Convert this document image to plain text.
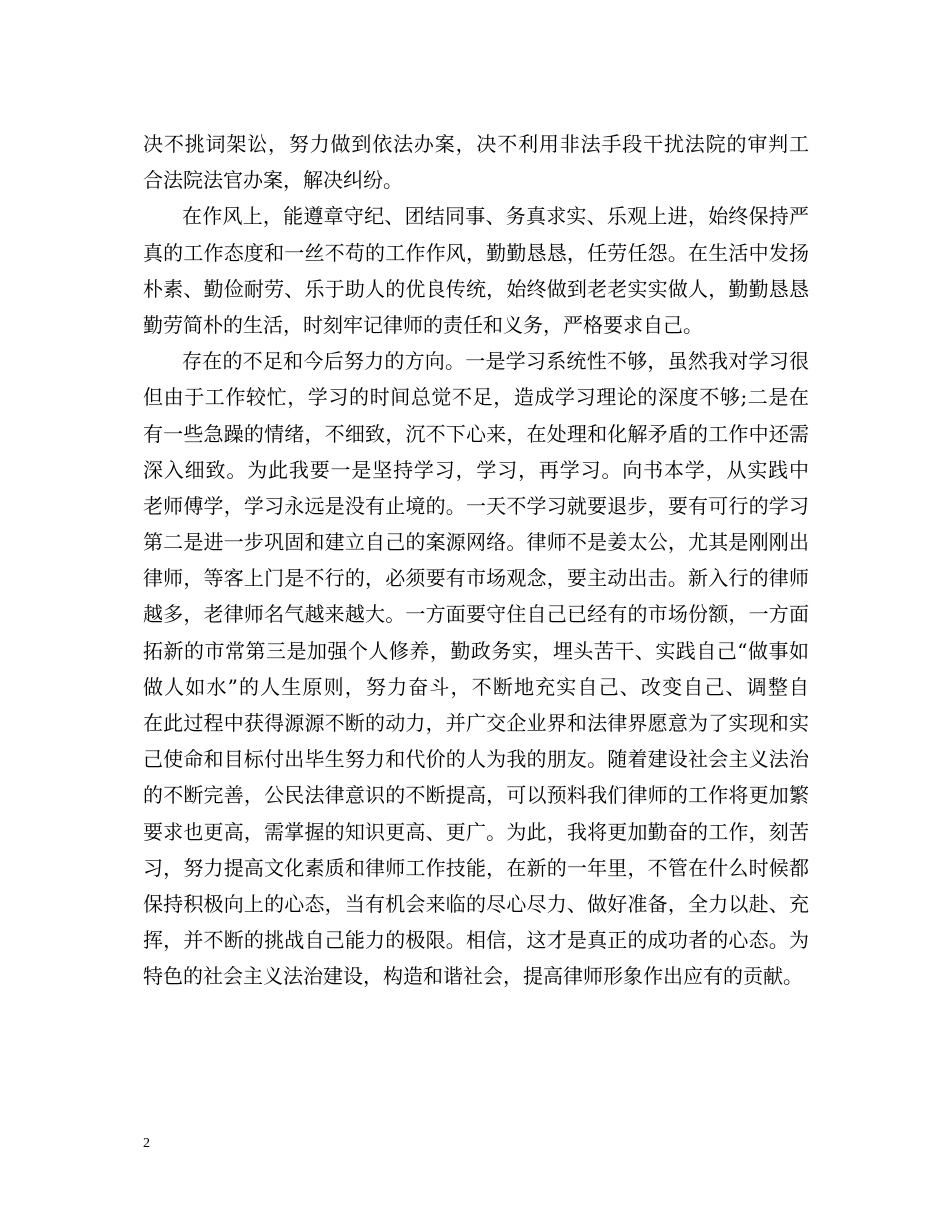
决不挑词架讼，努力做到依法办案，决不利用非法手段干扰法院的审判工
合法院法官办案，解决纠纷。
在作风上，能遵章守纪、团结同事、务真求实、乐观上进，始终保持严
真的工作态度和一丝不苟的工作作风，勤勤恳恳，任劳任怨。在生活中发扬
朴素、勤俭耐劳、乐于助人的优良传统，始终做到老老实实做人，勤勤恳恳
勤劳简朴的生活，时刻牢记律师的责任和义务，严格要求自己。
存在的不足和今后努力的方向。一是学习系统性不够，虽然我对学习很
但由于工作较忙，学习的时间总觉不足，造成学习理论的深度不够;二是在
有一些急躁的情绪，不细致，沉不下心来，在处理和化解矛盾的工作中还需
深入细致。为此我要一是坚持学习，学习，再学习。向书本学，从实践中
老师傅学，学习永远是没有止境的。一天不学习就要退步，要有可行的学习
第二是进一步巩固和建立自己的案源网络。律师不是姜太公，尤其是刚刚出
律师，等客上门是不行的，必须要有市场观念，要主动出击。新入行的律师
越多，老律师名气越来越大。一方面要守住自己已经有的市场份额，一方面
拓新的市常第三是加强个人修养，勤政务实，埋头苦干、实践自己“做事如
做人如水”的人生原则，努力奋斗，不断地充实自己、改变自己、调整自
在此过程中获得源源不断的动力，并广交企业界和法律界愿意为了实现和实
己使命和目标付出毕生努力和代价的人为我的朋友。随着建设社会主义法治
的不断完善，公民法律意识的不断提高，可以预料我们律师的工作将更加繁
要求也更高，需掌握的知识更高、更广。为此，我将更加勤奋的工作，刻苦
习，努力提高文化素质和律师工作技能，在新的一年里，不管在什么时候都
保持积极向上的心态，当有机会来临的尽心尽力、做好准备，全力以赴、充
挥，并不断的挑战自己能力的极限。相信，这才是真正的成功者的心态。为
特色的社会主义法治建设，构造和谐社会，提高律师形象作出应有的贡献。
2
